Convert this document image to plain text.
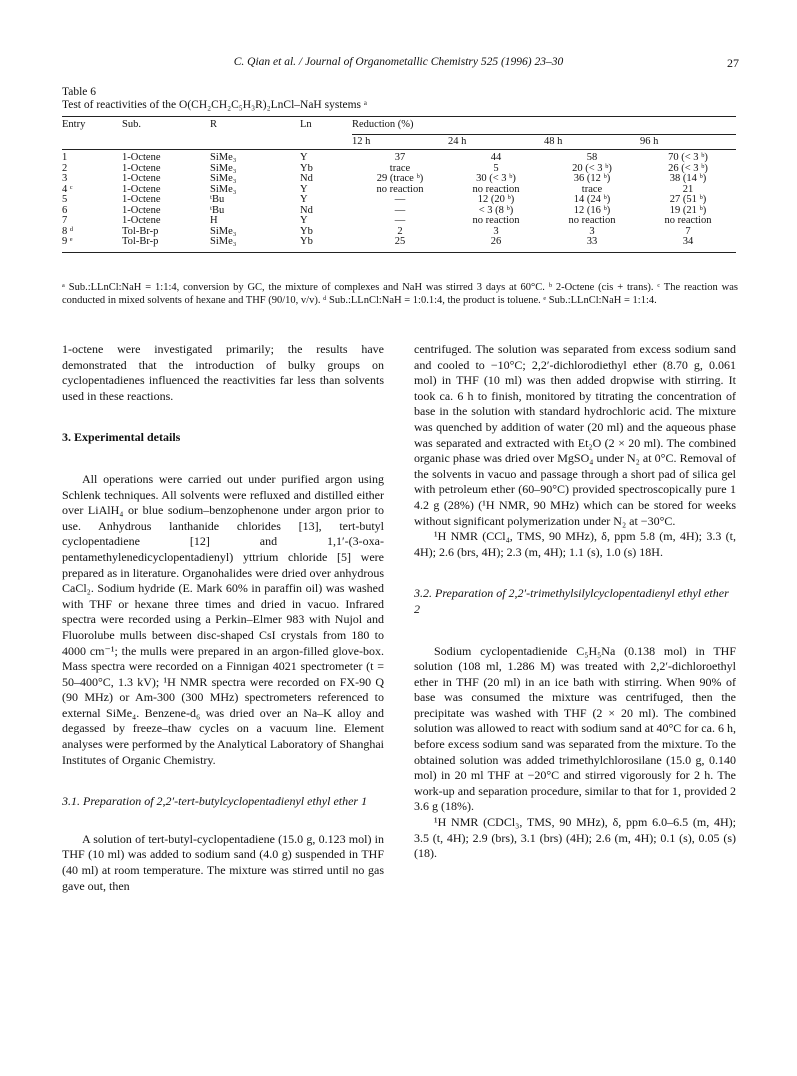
C. Qian et al. / Journal of Organometallic Chemistry 525 (1996) 23–30	27
Table 6
Test of reactivities of the O(CH₂CH₂C₅H₃R)₂LnCl–NaH systems ᵃ
Entry	Sub.	R	Ln	Reduction (%)			
				12 h	24 h	48 h	96 h
1	1-Octene	SiMe₃	Y	37	44	58	70 (< 3 ᵇ)
2	1-Octene	SiMe₃	Yb	trace	5	20 (< 3 ᵇ)	26 (< 3 ᵇ)
3	1-Octene	SiMe₃	Nd	29 (trace ᵇ)	30 (< 3 ᵇ)	36 (12 ᵇ)	38 (14 ᵇ)
4 ᶜ	1-Octene	SiMe₃	Y	no reaction	no reaction	trace	21
5	1-Octene	ᵗBu	Y	—	12 (20 ᵇ)	14 (24 ᵇ)	27 (51 ᵇ)
6	1-Octene	ᵗBu	Nd	—	< 3 (8 ᵇ)	12 (16 ᵇ)	19 (21 ᵇ)
7	1-Octene	H	Y	—	no reaction	no reaction	no reaction
8 ᵈ	Tol-Br-p	SiMe₃	Yb	2	3	3	7
9 ᵉ	Tol-Br-p	SiMe₃	Yb	25	26	33	34
ᵃ Sub.:LLnCl:NaH = 1:1:4, conversion by GC, the mixture of complexes and NaH was stirred 3 days at 60°C. ᵇ 2-Octene (cis + trans). ᶜ The reaction was conducted in mixed solvents of hexane and THF (90/10, v/v). ᵈ Sub.:LLnCl:NaH = 1:0.1:4, the product is toluene. ᵉ Sub.:LLnCl:NaH = 1:1:4.

1-octene were investigated primarily; the results have demonstrated that the introduction of bulky groups on cyclopentadienes influenced the reactivities far less than solvents used in these reactions.

3. Experimental details

All operations were carried out under purified argon using Schlenk techniques. All solvents were refluxed and distilled either over LiAlH₄ or blue sodium–benzophenone under argon prior to use. Anhydrous lanthanide chlorides [13], tert-butyl cyclopentadiene [12] and 1,1′-(3-oxa-pentamethylenedicyclopentadienyl) yttrium chloride [5] were prepared as in literature. Organohalides were dried over anhydrous CaCl₂. Sodium hydride (E. Mark 60% in paraffin oil) was washed with THF or hexane three times and dried in vacuo. Infrared spectra were recorded using a Perkin–Elmer 983 with Nujol and Fluorolube mulls between disc-shaped CsI crystals from 180 to 4000 cm⁻¹; the mulls were prepared in an argon-filled glove-box. Mass spectra were recorded on a Finnigan 4021 spectrometer (t = 50–400°C, 1.3 kV); ¹H NMR spectra were recorded on FX-90 Q (90 MHz) or Am-300 (300 MHz) spectrometers referenced to external SiMe₄. Benzene-d₆ was dried over an Na–K alloy and degassed by freeze–thaw cycles on a vacuum line. Element analyses were performed by the Analytical Laboratory of Shanghai Institutes of Organic Chemistry.

3.1. Preparation of 2,2′-tert-butylcyclopentadienyl ethyl ether 1

A solution of tert-butyl-cyclopentadiene (15.0 g, 0.123 mol) in THF (10 ml) was added to sodium sand (4.0 g) suspended in THF (40 ml) at room temperature. The mixture was stirred until no gas gave out, then

centrifuged. The solution was separated from excess sodium sand and cooled to −10°C; 2,2′-dichlorodiethyl ether (8.70 g, 0.061 mol) in THF (10 ml) was then added dropwise with stirring. It took ca. 6 h to finish, monitored by titrating the concentration of base in the solution with standard hydrochloric acid. The mixture was quenched by addition of water (20 ml) and the aqueous phase was separated and extracted with Et₂O (2 × 20 ml). The combined organic phase was dried over MgSO₄ under N₂ at 0°C. Removal of the solvents in vacuo and passage through a short pad of silica gel with petroleum ether (60–90°C) provided spectroscopically pure 1 4.2 g (28%) (¹H NMR, 90 MHz) which can be stored for weeks without significant polymerization under N₂ at −30°C.

¹H NMR (CCl₄, TMS, 90 MHz), δ, ppm 5.8 (m, 4H); 3.3 (t, 4H); 2.6 (brs, 4H); 2.3 (m, 4H); 1.1 (s), 1.0 (s) 18H.

3.2. Preparation of 2,2′-trimethylsilylcyclopentadienyl ethyl ether 2

Sodium cyclopentadienide C₅H₅Na (0.138 mol) in THF solution (108 ml, 1.286 M) was treated with 2,2′-dichloroethyl ether in THF (20 ml) in an ice bath with stirring. When 90% of base was consumed the mixture was centrifuged, then the precipitate was washed with THF (2 × 20 ml). The combined solution was allowed to react with sodium sand at 40°C for ca. 6 h, before excess sodium sand was separated from the mixture. To the obtained solution was added trimethylchlorosilane (15.0 g, 0.140 mol) in 20 ml THF at −20°C and stirred vigorously for 2 h. The work-up and separation procedure, similar to that for 1, provided 2 3.6 g (18%).

¹H NMR (CDCl₃, TMS, 90 MHz), δ, ppm 6.0–6.5 (m, 4H); 3.5 (t, 4H); 2.9 (brs), 3.1 (brs) (4H); 2.6 (m, 4H); 0.1 (s), 0.05 (s) (18).
